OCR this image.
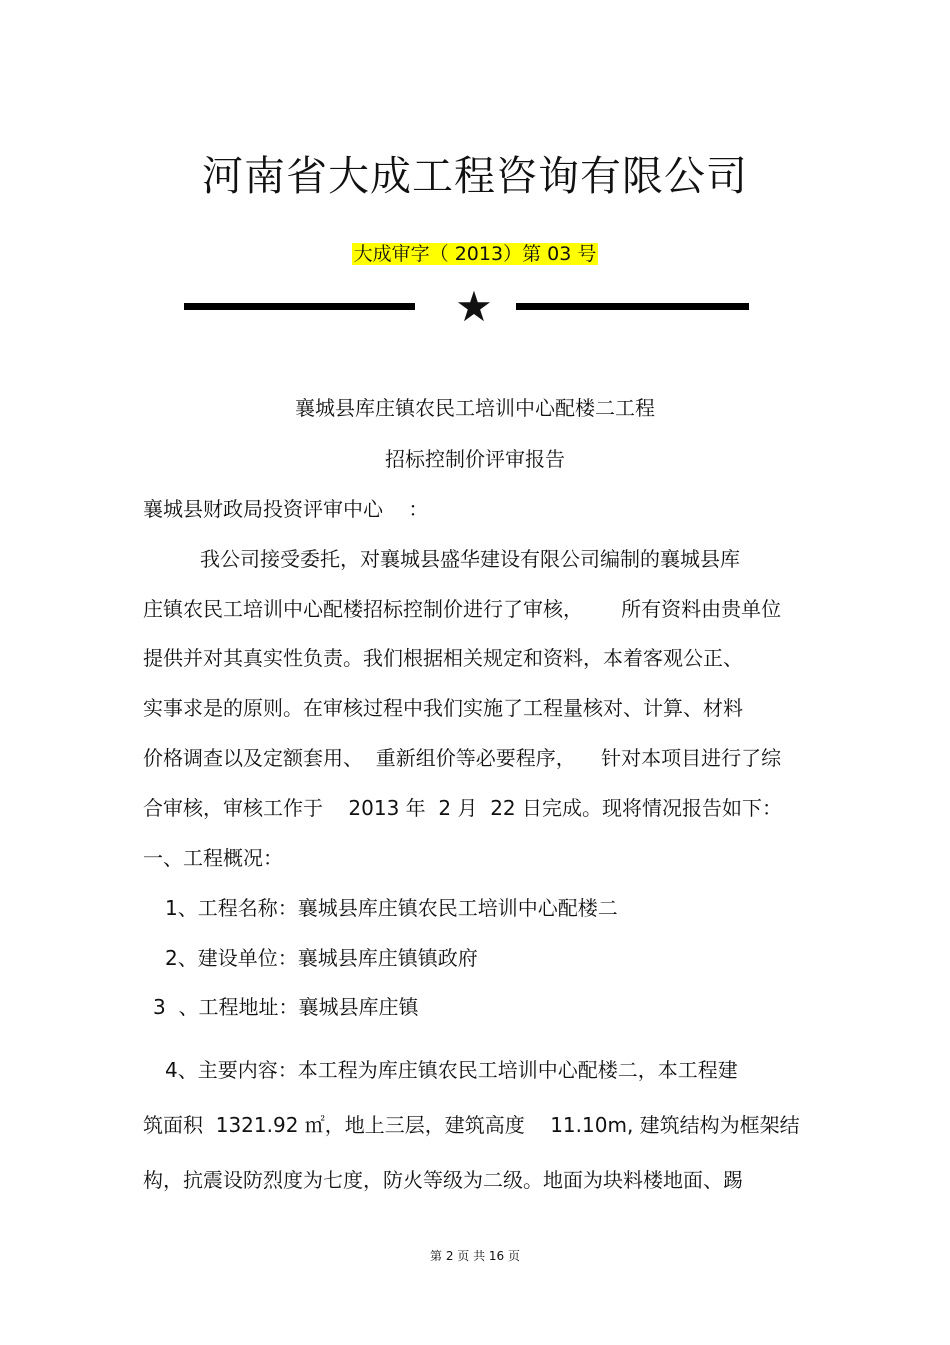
河南省大成工程咨询有限公司
大成审字（ 2013）第 03 号
★
襄城县库庄镇农民工培训中心配楼二工程
招标控制价评审报告
襄城县财政局投资评审中心    ：
我公司接受委托，对襄城县盛华建设有限公司编制的襄城县库
庄镇农民工培训中心配楼招标控制价进行了审核，      所有资料由贵单位
提供并对其真实性负责。我们根据相关规定和资料，本着客观公正、
实事求是的原则。在审核过程中我们实施了工程量核对、计算、材料
价格调查以及定额套用、  重新组价等必要程序，    针对本项目进行了综
合审核，审核工作于    2013 年  2 月  22 日完成。现将情况报告如下：
一、工程概况：
1、工程名称：襄城县库庄镇农民工培训中心配楼二
2、建设单位：襄城县库庄镇镇政府
3  、工程地址：襄城县库庄镇
4、主要内容：本工程为库庄镇农民工培训中心配楼二，本工程建
筑面积  1321.92 ㎡，地上三层，建筑高度    11.10m, 建筑结构为框架结
构，抗震设防烈度为七度，防火等级为二级。地面为块料楼地面、踢
第 2 页 共 16 页
